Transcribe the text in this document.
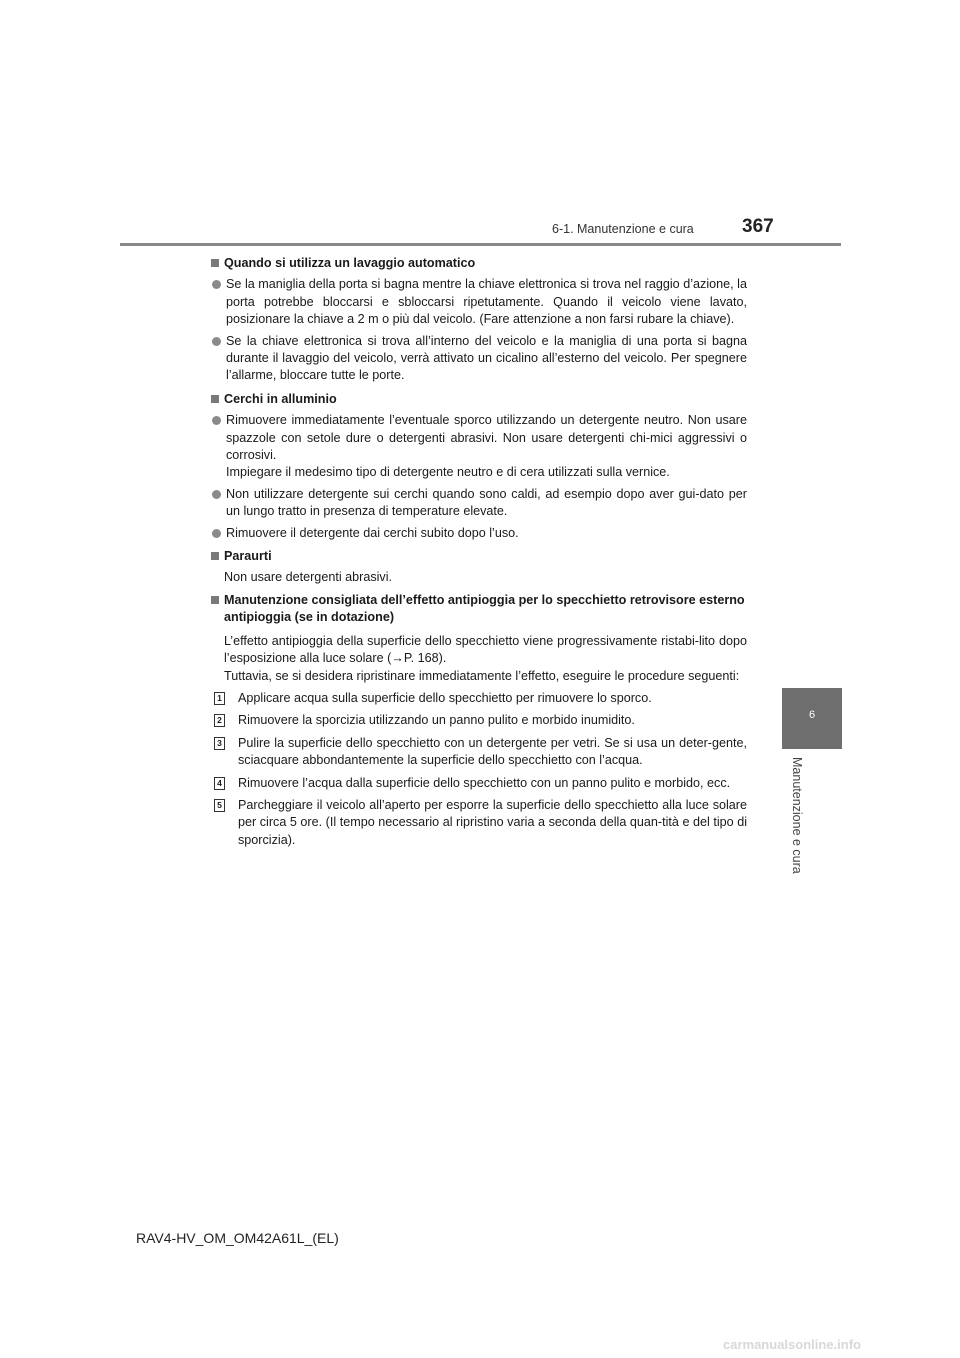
6-1. Manutenzione e cura	367
6
Manutenzione e cura
Quando si utilizza un lavaggio automatico
Se la maniglia della porta si bagna mentre la chiave elettronica si trova nel raggio d’azione, la porta potrebbe bloccarsi e sbloccarsi ripetutamente. Quando il veicolo viene lavato, posizionare la chiave a 2 m o più dal veicolo. (Fare attenzione a non farsi rubare la chiave).
Se la chiave elettronica si trova all’interno del veicolo e la maniglia di una porta si bagna durante il lavaggio del veicolo, verrà attivato un cicalino all’esterno del veicolo. Per spegnere l’allarme, bloccare tutte le porte.
Cerchi in alluminio
Rimuovere immediatamente l’eventuale sporco utilizzando un detergente neutro. Non usare spazzole con setole dure o detergenti abrasivi. Non usare detergenti chi-mici aggressivi o corrosivi.
Impiegare il medesimo tipo di detergente neutro e di cera utilizzati sulla vernice.
Non utilizzare detergente sui cerchi quando sono caldi, ad esempio dopo aver gui-dato per un lungo tratto in presenza di temperature elevate.
Rimuovere il detergente dai cerchi subito dopo l’uso.
Paraurti
Non usare detergenti abrasivi.
Manutenzione consigliata dell’effetto antipioggia per lo specchietto retrovisore esterno antipioggia (se in dotazione)
L’effetto antipioggia della superficie dello specchietto viene progressivamente ristabi-lito dopo l’esposizione alla luce solare (→P. 168).
Tuttavia, se si desidera ripristinare immediatamente l’effetto, eseguire le procedure seguenti:
1 Applicare acqua sulla superficie dello specchietto per rimuovere lo sporco.
2 Rimuovere la sporcizia utilizzando un panno pulito e morbido inumidito.
3 Pulire la superficie dello specchietto con un detergente per vetri. Se si usa un deter-gente, sciacquare abbondantemente la superficie dello specchietto con l’acqua.
4 Rimuovere l’acqua dalla superficie dello specchietto con un panno pulito e morbido, ecc.
5 Parcheggiare il veicolo all’aperto per esporre la superficie dello specchietto alla luce solare per circa 5 ore. (Il tempo necessario al ripristino varia a seconda della quan-tità e del tipo di sporcizia).
RAV4-HV_OM_OM42A61L_(EL)
carmanualsonline.info
